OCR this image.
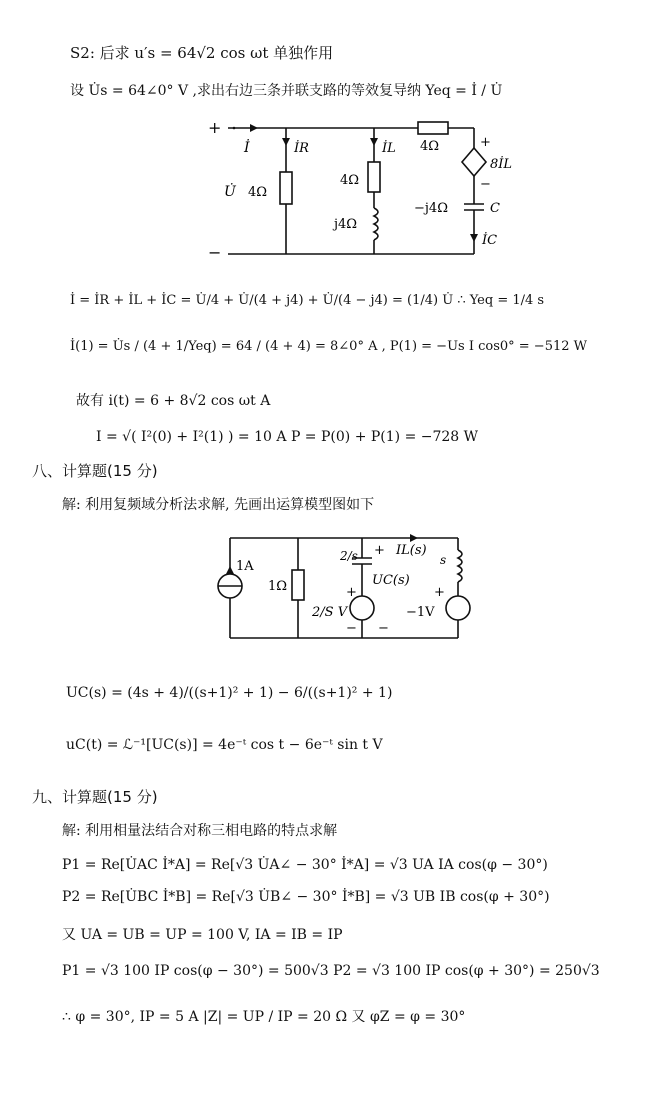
S2: 后求 u′s = 64√2 cos ωt 单独作用
设 U̇s = 64∠0° V ,求出右边三条并联支路的等效复导纳 Yeq = İ / U̇
+
−
İ
U̇
İR
4Ω
İL
4Ω
j4Ω
4Ω	+
8İL
−
−j4Ω	C
İC
İ = İR + İL + İC = U̇/4 + U̇/(4 + j4) + U̇/(4 − j4) = (1/4) U̇ ∴ Yeq = 1/4 s
İ(1) = U̇s / (4 + 1/Yeq) = 64 / (4 + 4) = 8∠0° A , P(1) = −Us I cos0° = −512 W
故有 i(t) = 6 + 8√2 cos ωt A
I = √( I²(0) + I²(1) ) = 10 A P = P(0) + P(1) = −728 W
八、计算题(15 分)
解: 利用复频域分析法求解, 先画出运算模型图如下
1A
1Ω
2/s + IL(s)
s
UC(s)
+
2/S V
−
+
−1V
−
UC(s) = (4s + 4)/((s+1)² + 1) − 6/((s+1)² + 1)
uC(t) = ℒ⁻¹[UC(s)] = 4e⁻ᵗ cos t − 6e⁻ᵗ sin t V
九、计算题(15 分)
解: 利用相量法结合对称三相电路的特点求解
P1 = Re[U̇AC İ*A] = Re[√3 U̇A∠ − 30° İ*A] = √3 UA IA cos(φ − 30°)
P2 = Re[U̇BC İ*B] = Re[√3 U̇B∠ − 30° İ*B] = √3 UB IB cos(φ + 30°)
又 UA = UB = UP = 100 V, IA = IB = IP
P1 = √3 100 IP cos(φ − 30°) = 500√3 P2 = √3 100 IP cos(φ + 30°) = 250√3
∴ φ = 30°, IP = 5 A |Z| = UP / IP = 20 Ω 又 φZ = φ = 30°
